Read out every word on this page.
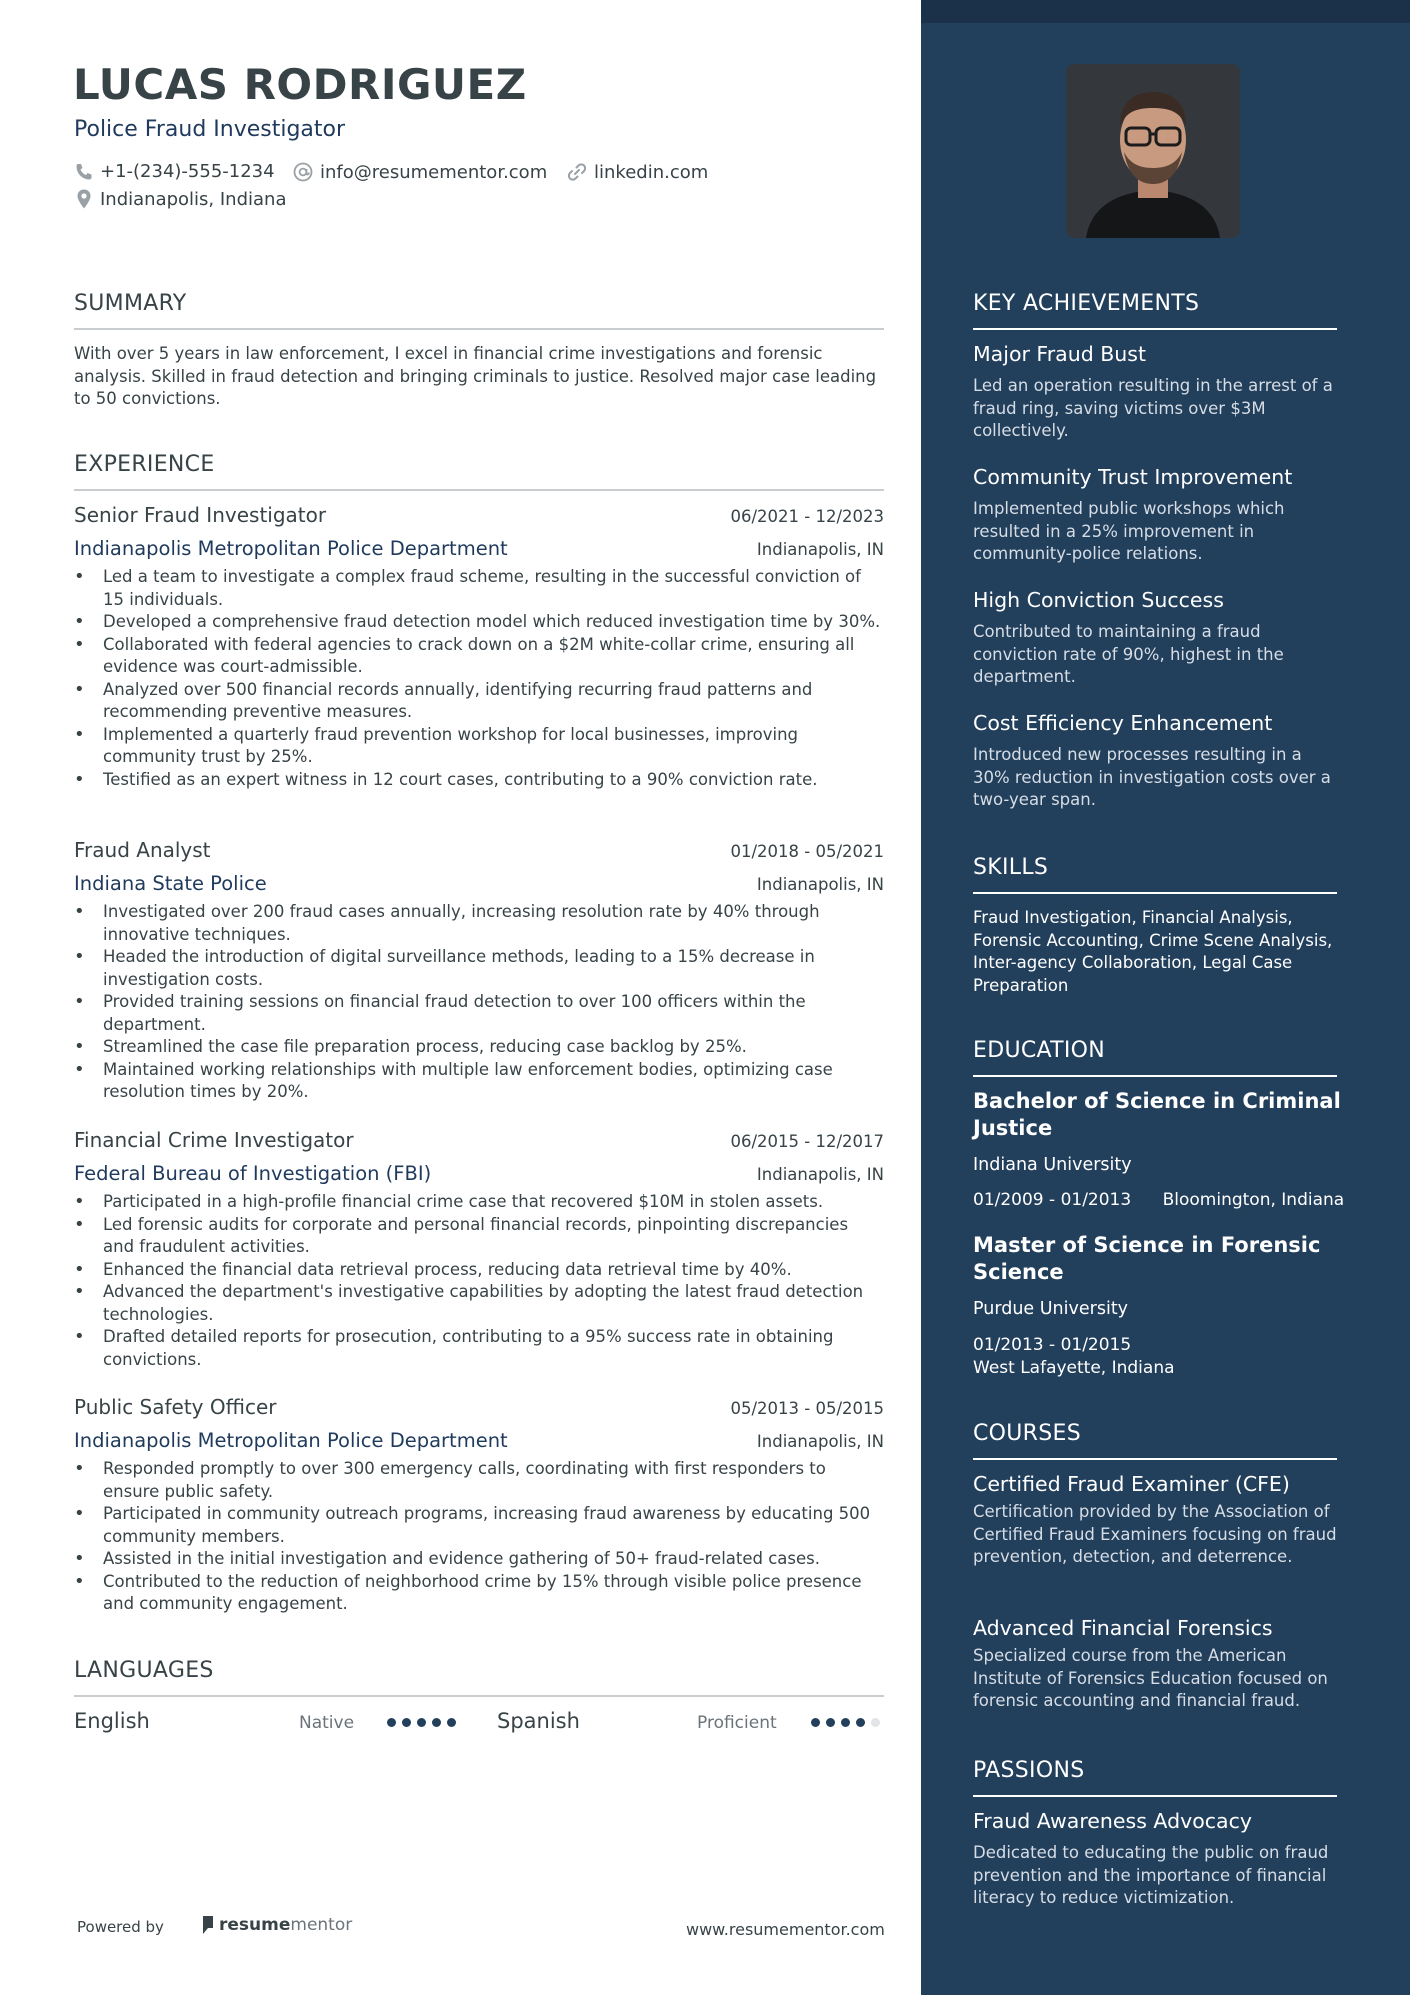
LUCAS RODRIGUEZ
Police Fraud Investigator
+1-(234)-555-1234	info@resumementor.com	linkedin.com
Indianapolis, Indiana
SUMMARY
With over 5 years in law enforcement, I excel in financial crime investigations and forensic analysis. Skilled in fraud detection and bringing criminals to justice. Resolved major case leading to 50 convictions.
EXPERIENCE
Senior Fraud Investigator	06/2021 - 12/2023
Indianapolis Metropolitan Police Department	Indianapolis, IN
• Led a team to investigate a complex fraud scheme, resulting in the successful conviction of 15 individuals.
• Developed a comprehensive fraud detection model which reduced investigation time by 30%.
• Collaborated with federal agencies to crack down on a $2M white-collar crime, ensuring all evidence was court-admissible.
• Analyzed over 500 financial records annually, identifying recurring fraud patterns and recommending preventive measures.
• Implemented a quarterly fraud prevention workshop for local businesses, improving community trust by 25%.
• Testified as an expert witness in 12 court cases, contributing to a 90% conviction rate.
Fraud Analyst	01/2018 - 05/2021
Indiana State Police	Indianapolis, IN
• Investigated over 200 fraud cases annually, increasing resolution rate by 40% through innovative techniques.
• Headed the introduction of digital surveillance methods, leading to a 15% decrease in investigation costs.
• Provided training sessions on financial fraud detection to over 100 officers within the department.
• Streamlined the case file preparation process, reducing case backlog by 25%.
• Maintained working relationships with multiple law enforcement bodies, optimizing case resolution times by 20%.
Financial Crime Investigator	06/2015 - 12/2017
Federal Bureau of Investigation (FBI)	Indianapolis, IN
• Participated in a high-profile financial crime case that recovered $10M in stolen assets.
• Led forensic audits for corporate and personal financial records, pinpointing discrepancies and fraudulent activities.
• Enhanced the financial data retrieval process, reducing data retrieval time by 40%.
• Advanced the department's investigative capabilities by adopting the latest fraud detection technologies.
• Drafted detailed reports for prosecution, contributing to a 95% success rate in obtaining convictions.
Public Safety Officer	05/2013 - 05/2015
Indianapolis Metropolitan Police Department	Indianapolis, IN
• Responded promptly to over 300 emergency calls, coordinating with first responders to ensure public safety.
• Participated in community outreach programs, increasing fraud awareness by educating 500 community members.
• Assisted in the initial investigation and evidence gathering of 50+ fraud-related cases.
• Contributed to the reduction of neighborhood crime by 15% through visible police presence and community engagement.
LANGUAGES
English	Native	Spanish	Proficient
Powered by	resume mentor	www.resumementor.com
KEY ACHIEVEMENTS
Major Fraud Bust
Led an operation resulting in the arrest of a fraud ring, saving victims over $3M collectively.
Community Trust Improvement
Implemented public workshops which resulted in a 25% improvement in community-police relations.
High Conviction Success
Contributed to maintaining a fraud conviction rate of 90%, highest in the department.
Cost Efficiency Enhancement
Introduced new processes resulting in a 30% reduction in investigation costs over a two-year span.
SKILLS
Fraud Investigation, Financial Analysis, Forensic Accounting, Crime Scene Analysis, Inter-agency Collaboration, Legal Case Preparation
EDUCATION
Bachelor of Science in Criminal Justice
Indiana University
01/2009 - 01/2013 Bloomington, Indiana
Master of Science in Forensic Science
Purdue University
01/2013 - 01/2015
West Lafayette, Indiana
COURSES
Certified Fraud Examiner (CFE)
Certification provided by the Association of Certified Fraud Examiners focusing on fraud prevention, detection, and deterrence.
Advanced Financial Forensics
Specialized course from the American Institute of Forensics Education focused on forensic accounting and financial fraud.
PASSIONS
Fraud Awareness Advocacy
Dedicated to educating the public on fraud prevention and the importance of financial literacy to reduce victimization.
